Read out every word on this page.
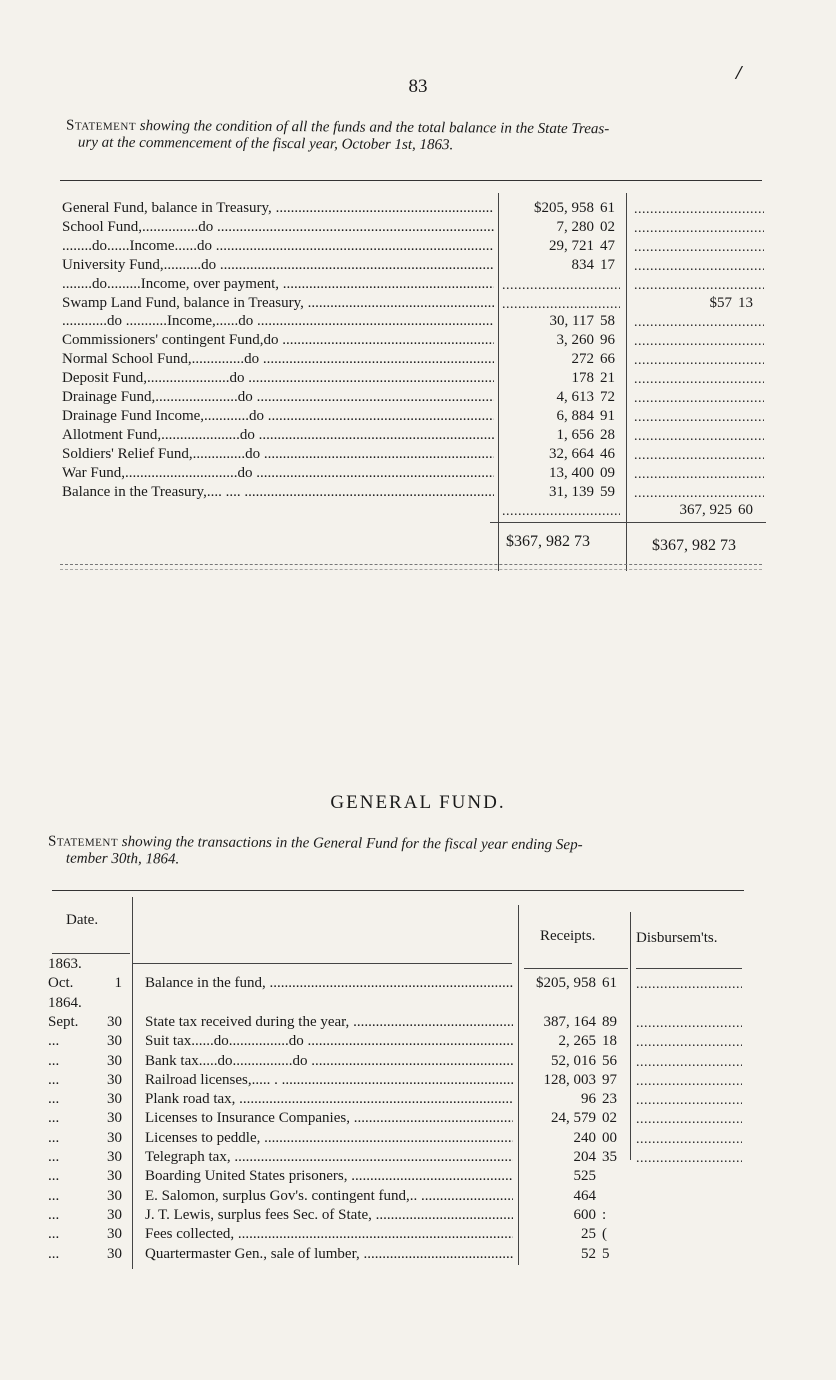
83
/
Statement showing the condition of all the funds and the total balance in the State Treas-
ury at the commencement of the fiscal year, October 1st, 1863.
General Fund, balance in Treasury, .....	$205, 958 61
.....
School Fund,...............do .....	7, 280 02
.....
........do......Income......do .....	29, 721 47
.....
University Fund,..........do .....	834 17
.....
........do.........Income, over payment, .....
.....
.....
Swamp Land Fund, balance in Treasury, .....
.....	$57 13
............do ...........Income,......do .....	30, 117 58
.....
Commissioners' contingent Fund,do .....	3, 260 96
.....
Normal School Fund,..............do .....	272 66
.....
Deposit Fund,......................do .....	178 21
.....
Drainage Fund,......................do .....	4, 613 72
.....
Drainage Fund Income,............do .....	6, 884 91
.....
Allotment Fund,.....................do .....	1, 656 28
.....
Soldiers' Relief Fund,..............do .....	32, 664 46
.....
War Fund,..............................do .....	13, 400 09
.....
Balance in the Treasury,.... .... .....	31, 139 59
.....
.....
367, 925 60
$367, 982 73	$367, 982 73
GENERAL FUND.
Statement showing the transactions in the General Fund for the fiscal year ending Sep-
tember 30th, 1864.
Date.
Receipts.	Disbursem'ts.
1863.
Oct.	1 Balance in the fund, .....	$205, 958 61
.....
1864.
Sept.	30 State tax received during the year, .....	387, 164 89
.....
...	30 Suit tax......do................do .....	2, 265 18
.....
...	30 Bank tax.....do................do .....	52, 016 56
.....
...	30 Railroad licenses,..... . .....	128, 003 97
.....
...	30 Plank road tax, .....	96 23
.....
...	30 Licenses to Insurance Companies, .....	24, 579 02
.....
...	30 Licenses to peddle, .....	240 00
.....
...	30 Telegraph tax, .....	204 35
.....
...	30 Boarding United States prisoners, .....	525
...	30 E. Salomon, surplus Gov's. contingent fund,.. .....	464
...	30 J. T. Lewis, surplus fees Sec. of State, .....	600 :
...	30 Fees collected, .....	25 (
...	30 Quartermaster Gen., sale of lumber, .....	52 5
